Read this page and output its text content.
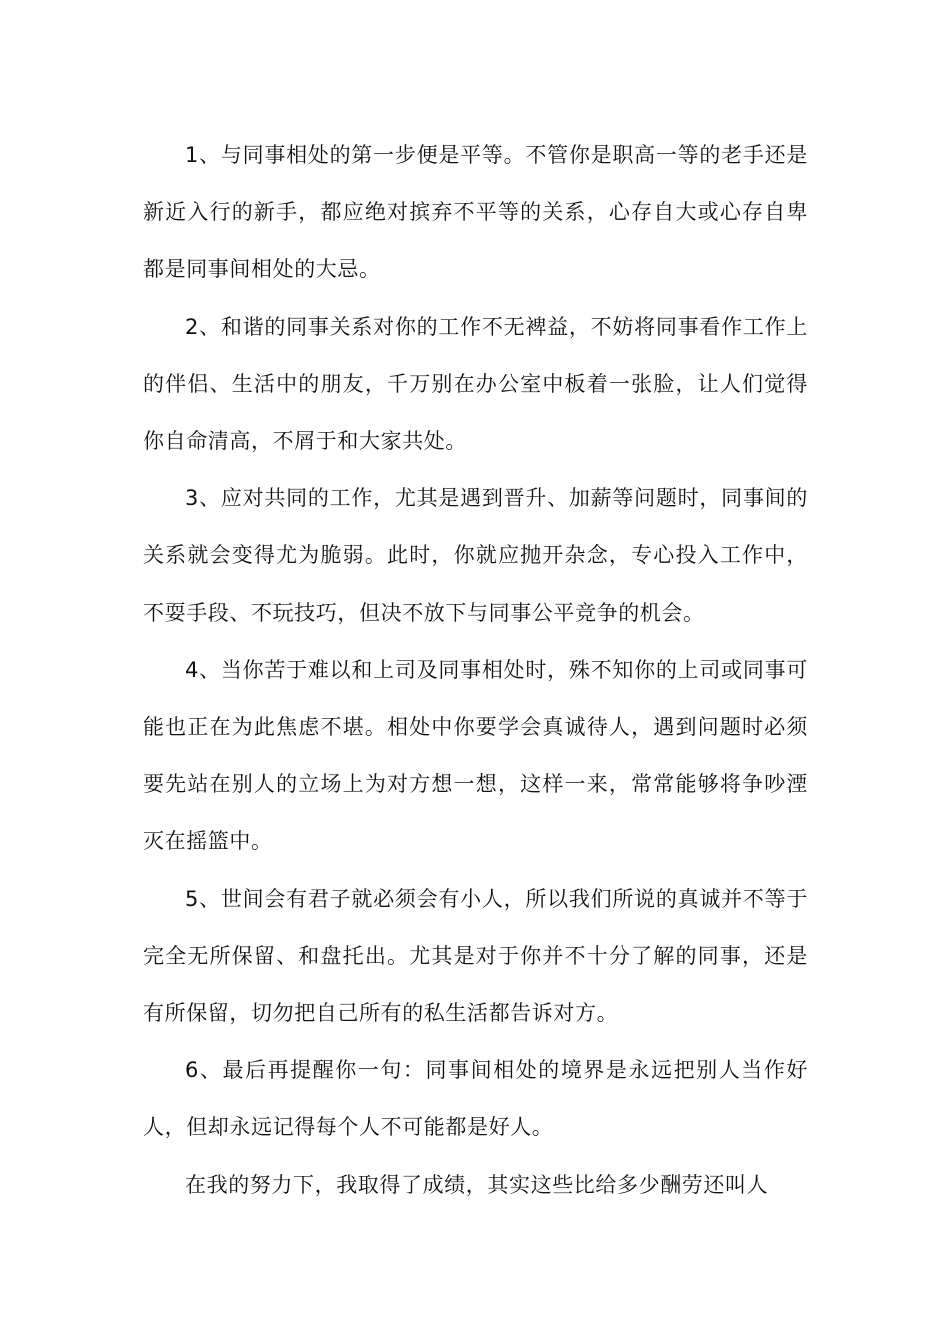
1、与同事相处的第一步便是平等。不管你是职高一等的老手还是新近入行的新手，都应绝对摈弃不平等的关系，心存自大或心存自卑都是同事间相处的大忌。

2、和谐的同事关系对你的工作不无裨益，不妨将同事看作工作上的伴侣、生活中的朋友，千万别在办公室中板着一张脸，让人们觉得你自命清高，不屑于和大家共处。

3、应对共同的工作，尤其是遇到晋升、加薪等问题时，同事间的关系就会变得尤为脆弱。此时，你就应抛开杂念，专心投入工作中，不耍手段、不玩技巧，但决不放下与同事公平竞争的机会。

4、当你苦于难以和上司及同事相处时，殊不知你的上司或同事可能也正在为此焦虑不堪。相处中你要学会真诚待人，遇到问题时必须要先站在别人的立场上为对方想一想，这样一来，常常能够将争吵湮灭在摇篮中。

5、世间会有君子就必须会有小人，所以我们所说的真诚并不等于完全无所保留、和盘托出。尤其是对于你并不十分了解的同事，还是有所保留，切勿把自己所有的私生活都告诉对方。

6、最后再提醒你一句：同事间相处的境界是永远把别人当作好人，但却永远记得每个人不可能都是好人。

在我的努力下，我取得了成绩，其实这些比给多少酬劳还叫人
